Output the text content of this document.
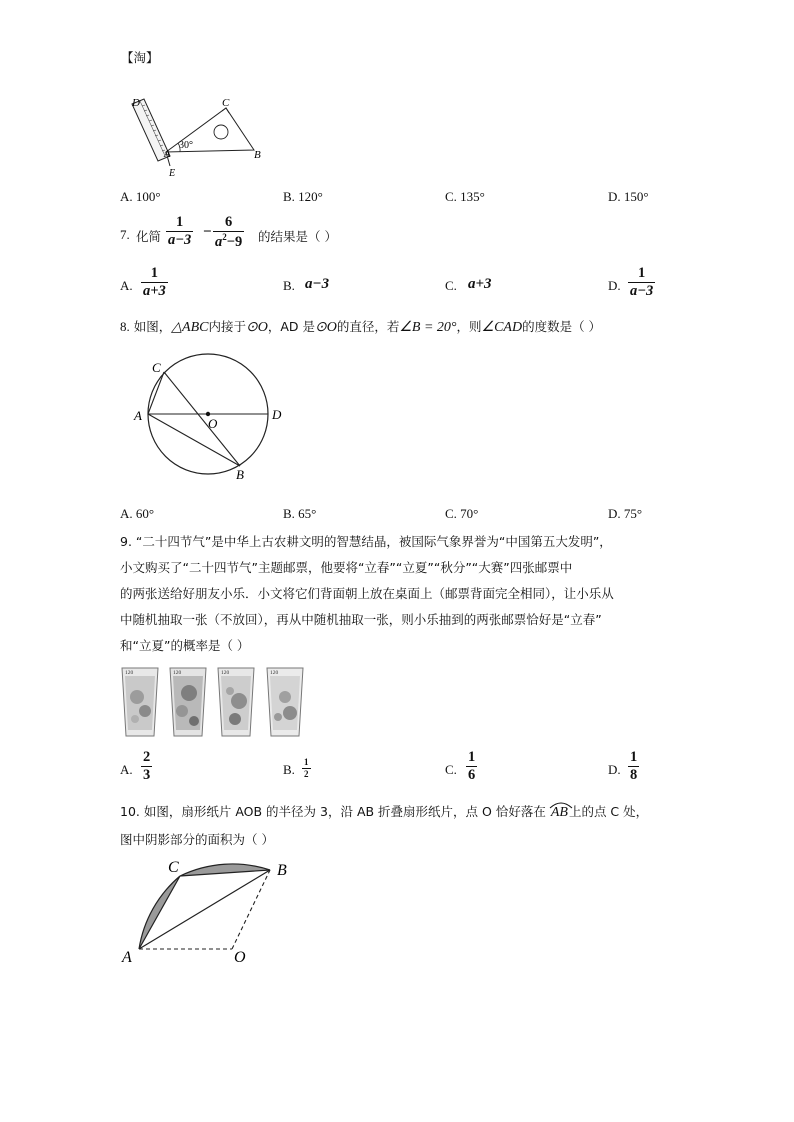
【淘】
D	C
A
E
B
30°
A. 100°	B. 120°	C. 135°	D. 150°
7. 化简 $\frac{1}{a-3} - \frac{6}{a^2-9}$ 的结果是（ ）
A. $\frac{1}{a+3}$	B. a−3	C. a+3	D. $\frac{1}{a-3}$
8. 如图，△ABC内接于⊙O，AD 是⊙O的直径，若∠B = 20°，则∠CAD的度数是（ ）
C
A
O
D
B
A. 60°	B. 65°	C. 70°	D. 75°
9. “二十四节气”是中华上古农耕文明的智慧结晶，被国际气象界誉为“中国第五大发明”，
小文购买了“二十四节气”主题邮票，他要将“立春”“立夏”“秋分”“大赛”四张邮票中
的两张送给好朋友小乐．小文将它们背面朝上放在桌面上（邮票背面完全相同），让小乐从
中随机抽取一张（不放回），再从中随机抽取一张，则小乐抽到的两张邮票恰好是“立春”
和“立夏”的概率是（ ）
120	120	120	120
A. $\frac{2}{3}$	B. $\frac{1}{2}$	C. $\frac{1}{6}$	D. $\frac{1}{8}$
10. 如图，扇形纸片 AOB 的半径为 3，沿 AB 折叠扇形纸片，点 O 恰好落在 AB上的点 C 处，
图中阴影部分的面积为（ ）
C	B
A	O
